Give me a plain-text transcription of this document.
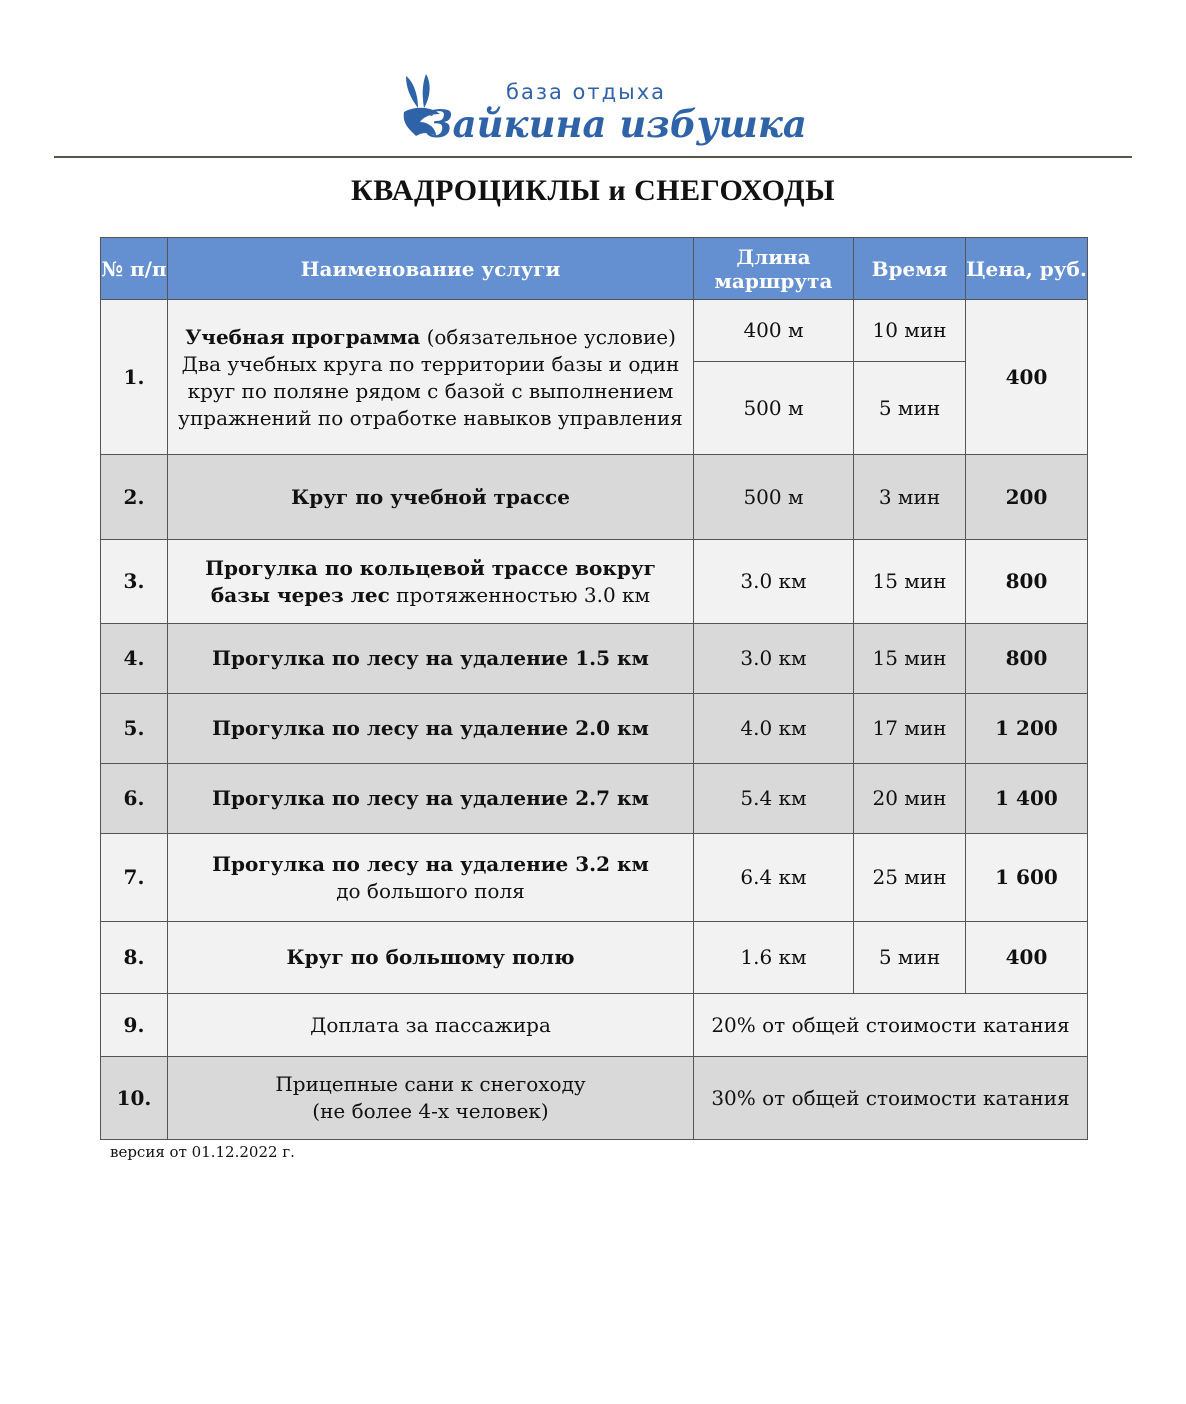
база отдыха
Зайкина избушка
КВАДРОЦИКЛЫ и СНЕГОХОДЫ
№ п/п	Наименование услуги	Длина маршрута	Время	Цена, руб.
1.	Учебная программа (обязательное условие)
Два учебных круга по территории базы и один круг по поляне рядом с базой с выполнением упражнений по отработке навыков управления	400 м	10 мин	400
		500 м	5 мин	
2.	Круг по учебной трассе	500 м	3 мин	200
3.	Прогулка по кольцевой трассе вокруг базы через лес протяженностью 3.0 км	3.0 км	15 мин	800
4.	Прогулка по лесу на удаление 1.5 км	3.0 км	15 мин	800
5.	Прогулка по лесу на удаление 2.0 км	4.0 км	17 мин	1 200
6.	Прогулка по лесу на удаление 2.7 км	5.4 км	20 мин	1 400
7.	Прогулка по лесу на удаление 3.2 км
до большого поля	6.4 км	25 мин	1 600
8.	Круг по большому полю	1.6 км	5 мин	400
9.	Доплата за пассажира	20% от общей стоимости катания		
10.	Прицепные сани к снегоходу
(не более 4-х человек)	30% от общей стоимости катания		
версия от 01.12.2022 г.
